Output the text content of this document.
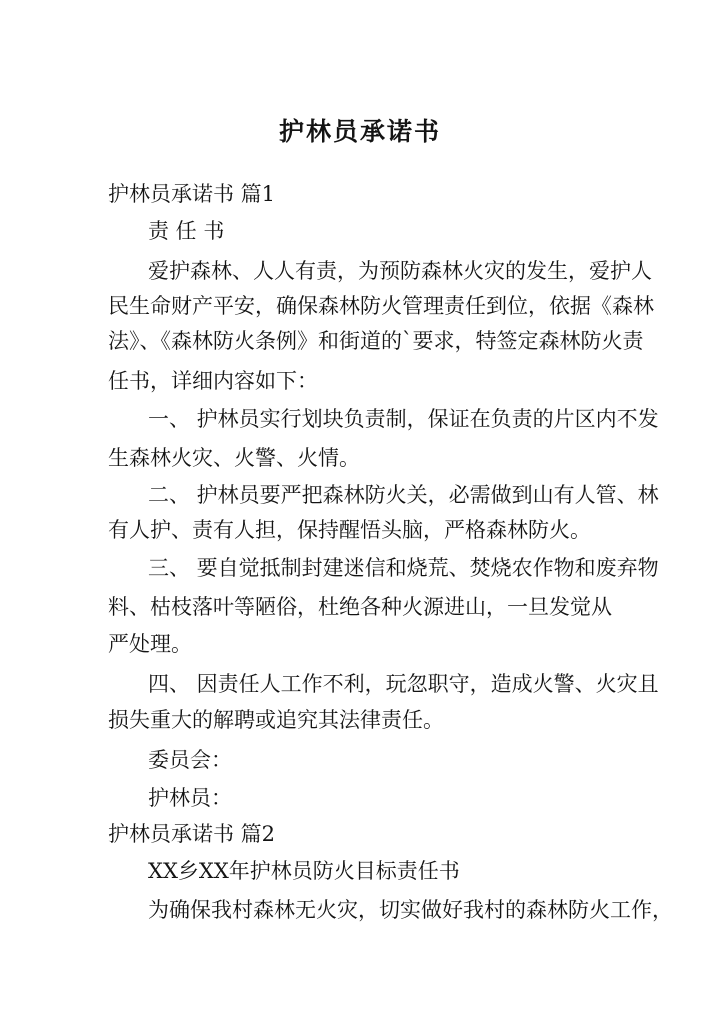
护林员承诺书
护林员承诺书 篇1
责 任 书
爱护森林、人人有责，为预防森林火灾的发生，爱护人
民生命财产平安，确保森林防火管理责任到位，依据《森林
法》、《森林防火条例》和街道的`要求，特签定森林防火责
任书，详细内容如下：
一、 护林员实行划块负责制，保证在负责的片区内不发
生森林火灾、火警、火情。
二、 护林员要严把森林防火关，必需做到山有人管、林
有人护、责有人担，保持醒悟头脑，严格森林防火。
三、 要自觉抵制封建迷信和烧荒、焚烧农作物和废弃物
料、枯枝落叶等陋俗，杜绝各种火源进山，一旦发觉从
严处理。
四、 因责任人工作不利，玩忽职守，造成火警、火灾且
损失重大的解聘或追究其法律责任。
委员会：
护林员：
护林员承诺书 篇2
XX乡XX年护林员防火目标责任书
为确保我村森林无火灾，切实做好我村的森林防火工作，
